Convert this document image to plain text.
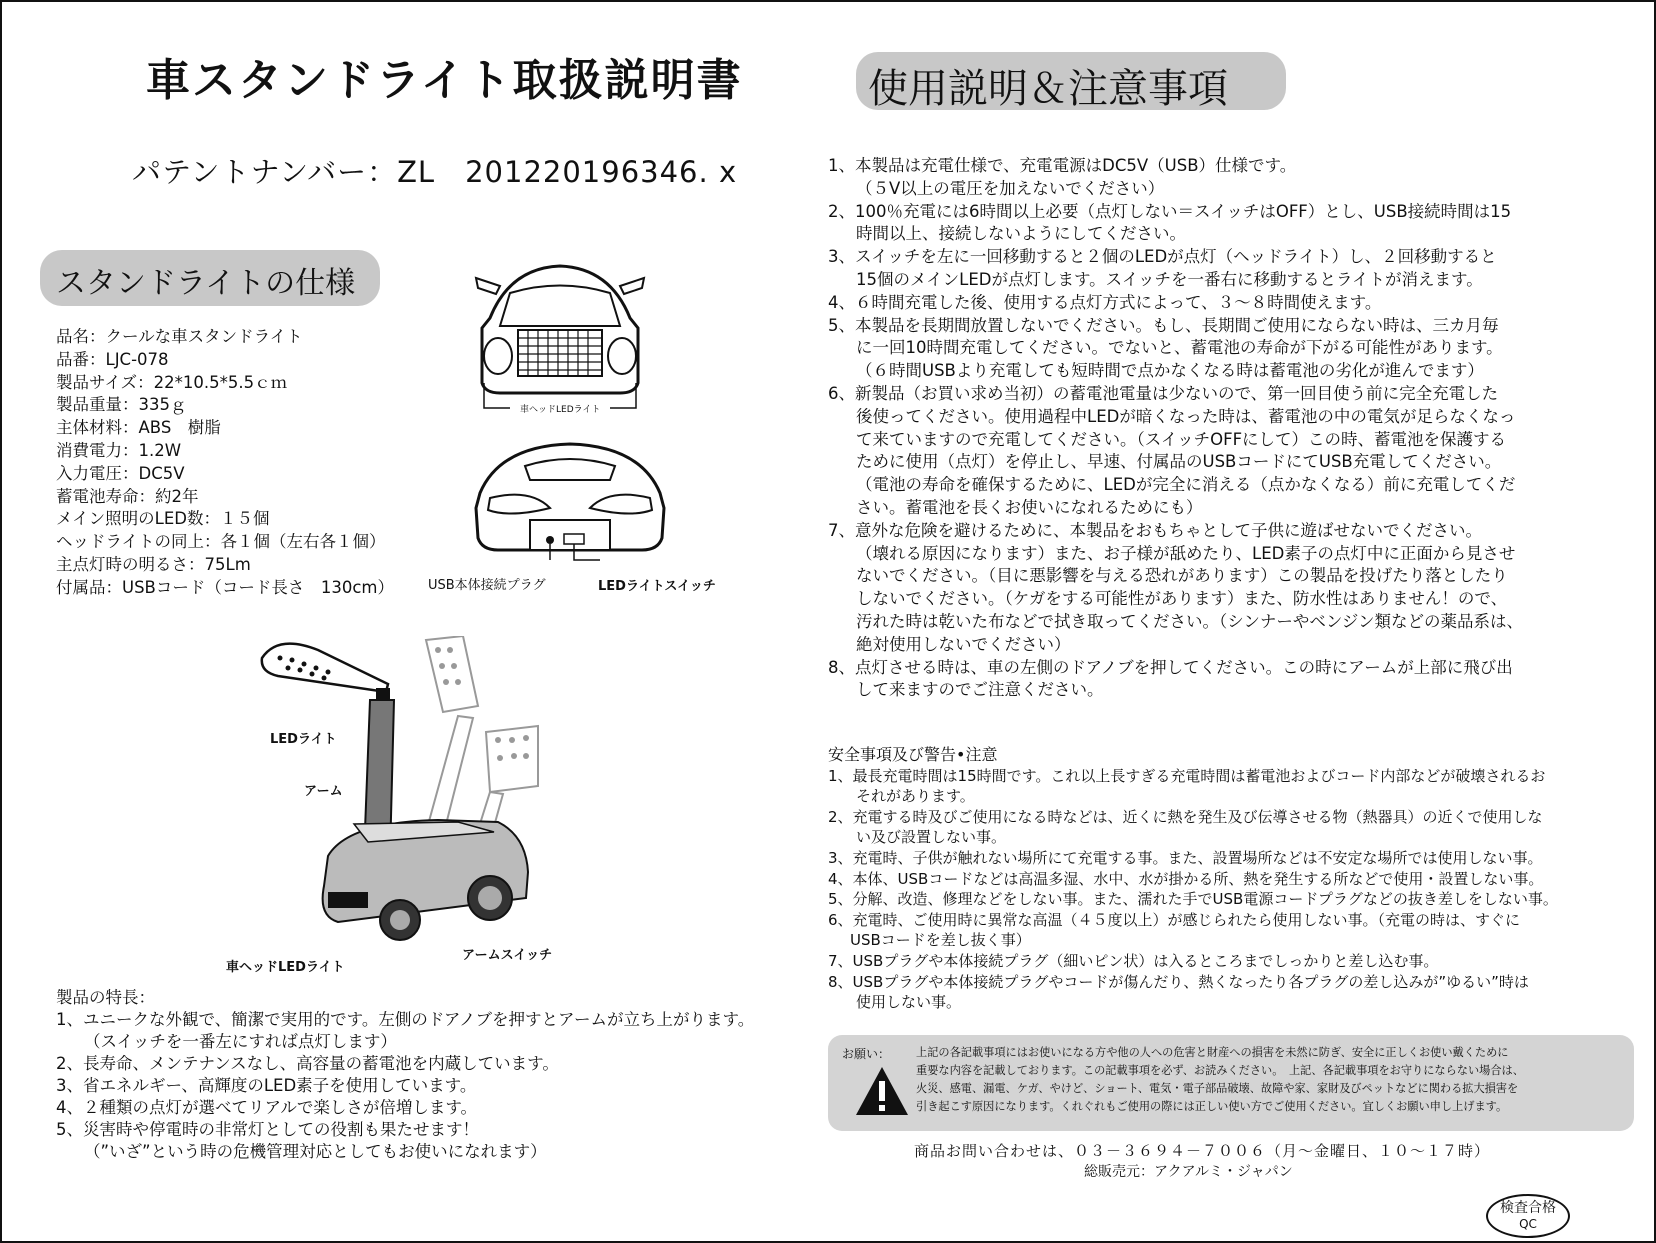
車スタンドライト取扱説明書
パテントナンバー：ZL　201220196346. x
使用説明＆注意事項
スタンドライトの仕様
品名：クールな車スタンドライト
品番：LJC-078
製品サイズ：22*10.5*5.5ｃｍ
製品重量：335ｇ
主体材料：ABS　樹脂
消費電力：1.2W
入力電圧：DC5V
蓄電池寿命：約2年
メイン照明のLED数：１５個
ヘッドライトの同上：各１個（左右各１個）
主点灯時の明るさ：75Lm
付属品：USBコード（コード長さ　130cm）
車ヘッドLEDライト
USB本体接続プラグ	LEDライトスイッチ
LEDライト
アーム
車ヘッドLEDライト
アームスイッチ
製品の特長：
1、ユニークな外観で、簡潔で実用的です。左側のドアノブを押すとアームが立ち上がります。
（スイッチを一番左にすれば点灯します）
2、長寿命、メンテナンスなし、高容量の蓄電池を内蔵しています。
3、省エネルギー、高輝度のLED素子を使用しています。
4、２種類の点灯が選べてリアルで楽しさが倍増します。
5、災害時や停電時の非常灯としての役割も果たせます！
（”いざ”という時の危機管理対応としてもお使いになれます）
1、本製品は充電仕様で、充電電源はDC5V（USB）仕様です。
（５V以上の電圧を加えないでください）
2、100％充電には6時間以上必要（点灯しない＝スイッチはOFF）とし、USB接続時間は15
時間以上、接続しないようにしてください。
3、スイッチを左に一回移動すると２個のLEDが点灯（ヘッドライト）し、２回移動すると
15個のメインLEDが点灯します。スイッチを一番右に移動するとライトが消えます。
4、６時間充電した後、使用する点灯方式によって、３～８時間使えます。
5、本製品を長期間放置しないでください。もし、長期間ご使用にならない時は、三カ月毎
に一回10時間充電してください。でないと、蓄電池の寿命が下がる可能性があります。
（６時間USBより充電しても短時間で点かなくなる時は蓄電池の劣化が進んでます）
6、新製品（お買い求め当初）の蓄電池電量は少ないので、第一回目使う前に完全充電した
後使ってください。使用過程中LEDが暗くなった時は、蓄電池の中の電気が足らなくなっ
て来ていますので充電してください。（スイッチOFFにして）この時、蓄電池を保護する
ために使用（点灯）を停止し、早速、付属品のUSBコードにてUSB充電してください。
（電池の寿命を確保するために、LEDが完全に消える（点かなくなる）前に充電してくだ
さい。蓄電池を長くお使いになれるためにも）
7、意外な危険を避けるために、本製品をおもちゃとして子供に遊ばせないでください。
（壊れる原因になります）また、お子様が舐めたり、LED素子の点灯中に正面から見させ
ないでください。（目に悪影響を与える恐れがあります）この製品を投げたり落としたり
しないでください。（ケガをする可能性があります）また、防水性はありません！ので、
汚れた時は乾いた布などで拭き取ってください。（シンナーやベンジン類などの薬品系は、
絶対使用しないでください）
8、点灯させる時は、車の左側のドアノブを押してください。この時にアームが上部に飛び出
して来ますのでご注意ください。
安全事項及び警告•注意
1、最長充電時間は15時間です。これ以上長すぎる充電時間は蓄電池およびコード内部などが破壊されるお
それがあります。
2、充電する時及びご使用になる時などは、近くに熱を発生及び伝導させる物（熱器具）の近くで使用しな
い及び設置しない事。
3、充電時、子供が触れない場所にて充電する事。また、設置場所などは不安定な場所では使用しない事。
4、本体、USBコードなどは高温多湿、水中、水が掛かる所、熱を発生する所などで使用・設置しない事。
5、分解、改造、修理などをしない事。また、濡れた手でUSB電源コードプラグなどの抜き差しをしない事。
6、充電時、ご使用時に異常な高温（４５度以上）が感じられたら使用しない事。（充電の時は、すぐに
USBコードを差し抜く事）
7、USBプラグや本体接続プラグ（細いピン状）は入るところまでしっかりと差し込む事。
8、USBプラグや本体接続プラグやコードが傷んだり、熱くなったり各プラグの差し込みが”ゆるい”時は
使用しない事。
お願い： 上記の各記載事項にはお使いになる方や他の人への危害と財産への損害を未然に防ぎ、安全に正しくお使い戴くために
重要な内容を記載しております。この記載事項を必ず、お読みください。　上記、各記載事項をお守りにならない場合は、
火災、感電、漏電、ケガ、やけど、ショート、電気・電子部品破壊、故障や家、家財及びペットなどに関わる拡大損害を
引き起こす原因になります。くれぐれもご使用の際には正しい使い方でご使用ください。宜しくお願い申し上げます。
商品お問い合わせは、０３－３６９４－７００６（月～金曜日、１０～１７時）
総販売元：アクアルミ・ジャパン
検査合格
QC
